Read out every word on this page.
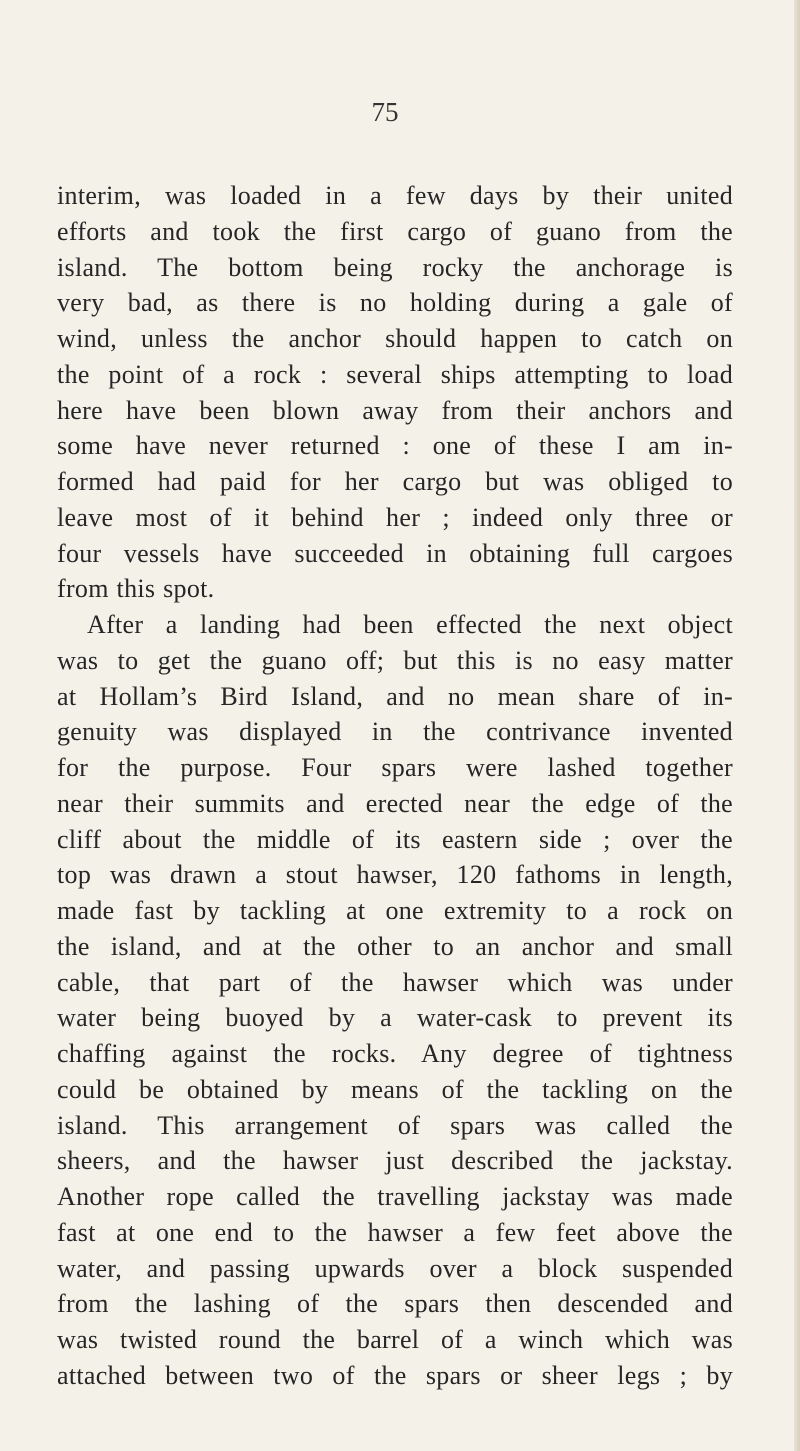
75
interim, was loaded in a few days by their united
efforts and took the first cargo of guano from the
island. The bottom being rocky the anchorage is
very bad, as there is no holding during a gale of
wind, unless the anchor should happen to catch on
the point of a rock : several ships attempting to load
here have been blown away from their anchors and
some have never returned : one of these I am in-
formed had paid for her cargo but was obliged to
leave most of it behind her ; indeed only three or
four vessels have succeeded in obtaining full cargoes
from this spot.
After a landing had been effected the next object
was to get the guano off; but this is no easy matter
at Hollam’s Bird Island, and no mean share of in-
genuity was displayed in the contrivance invented
for the purpose. Four spars were lashed together
near their summits and erected near the edge of the
cliff about the middle of its eastern side ; over the
top was drawn a stout hawser, 120 fathoms in length,
made fast by tackling at one extremity to a rock on
the island, and at the other to an anchor and small
cable, that part of the hawser which was under
water being buoyed by a water-cask to prevent its
chaffing against the rocks. Any degree of tightness
could be obtained by means of the tackling on the
island. This arrangement of spars was called the
sheers, and the hawser just described the jackstay.
Another rope called the travelling jackstay was made
fast at one end to the hawser a few feet above the
water, and passing upwards over a block suspended
from the lashing of the spars then descended and
was twisted round the barrel of a winch which was
attached between two of the spars or sheer legs ; by
